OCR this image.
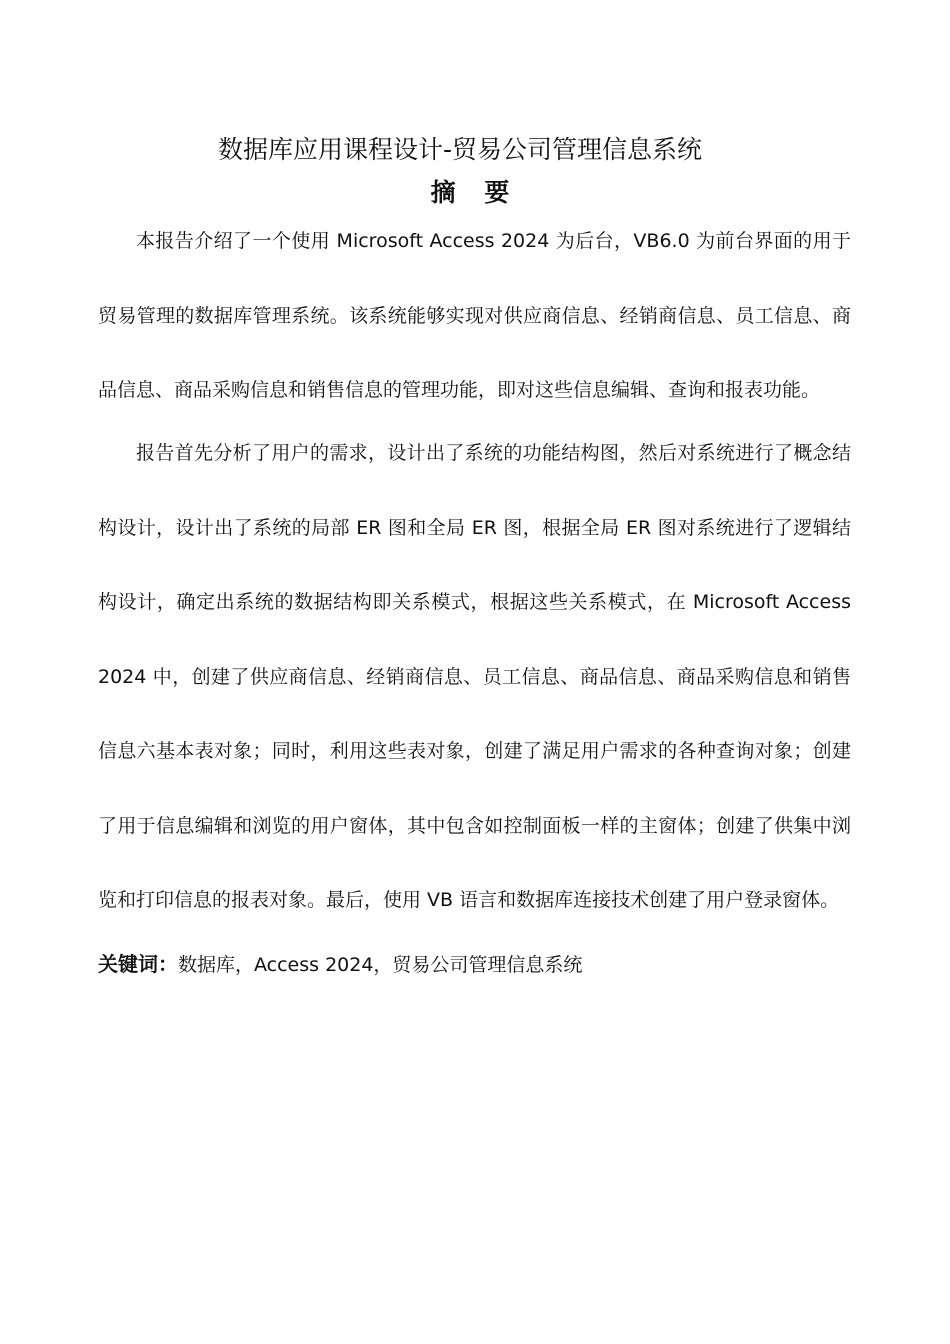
数据库应用课程设计-贸易公司管理信息系统
摘 要

本报告介绍了一个使用 Microsoft Access 2024 为后台，VB6.0 为前台界面的用于贸易管理的数据库管理系统。该系统能够实现对供应商信息、经销商信息、员工信息、商品信息、商品采购信息和销售信息的管理功能，即对这些信息编辑、查询和报表功能。

报告首先分析了用户的需求，设计出了系统的功能结构图，然后对系统进行了概念结构设计，设计出了系统的局部 ER 图和全局 ER 图，根据全局 ER 图对系统进行了逻辑结构设计，确定出系统的数据结构即关系模式，根据这些关系模式，在 Microsoft Access 2024 中，创建了供应商信息、经销商信息、员工信息、商品信息、商品采购信息和销售信息六基本表对象；同时，利用这些表对象，创建了满足用户需求的各种查询对象；创建了用于信息编辑和浏览的用户窗体，其中包含如控制面板一样的主窗体；创建了供集中浏览和打印信息的报表对象。最后，使用 VB 语言和数据库连接技术创建了用户登录窗体。

关键词：数据库，Access 2024，贸易公司管理信息系统
